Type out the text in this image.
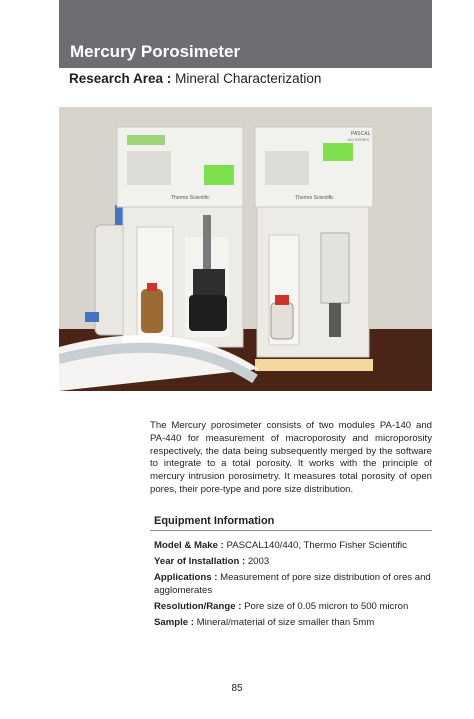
Mercury Porosimeter
Research Area : Mineral Characterization
Thermo Scientific
PASCAL
140 SERIES
Thermo Scientific

The Mercury porosimeter consists of two modules PA-140 and PA-440 for measurement of macroporosity and microporosity respectively, the data being subsequently merged by the software to integrate to a total porosity. It works with the principle of mercury intrusion porosimetry. It measures total porosity of open pores, their pore-type and pore size distribution.

Equipment Information
Model & Make : PASCAL140/440, Thermo Fisher Scientific
Year of Installation : 2003
Applications : Measurement of pore size distribution of ores and agglomerates
Resolution/Range : Pore size of 0.05 micron to 500 micron
Sample : Mineral/material of size smaller than 5mm
85
